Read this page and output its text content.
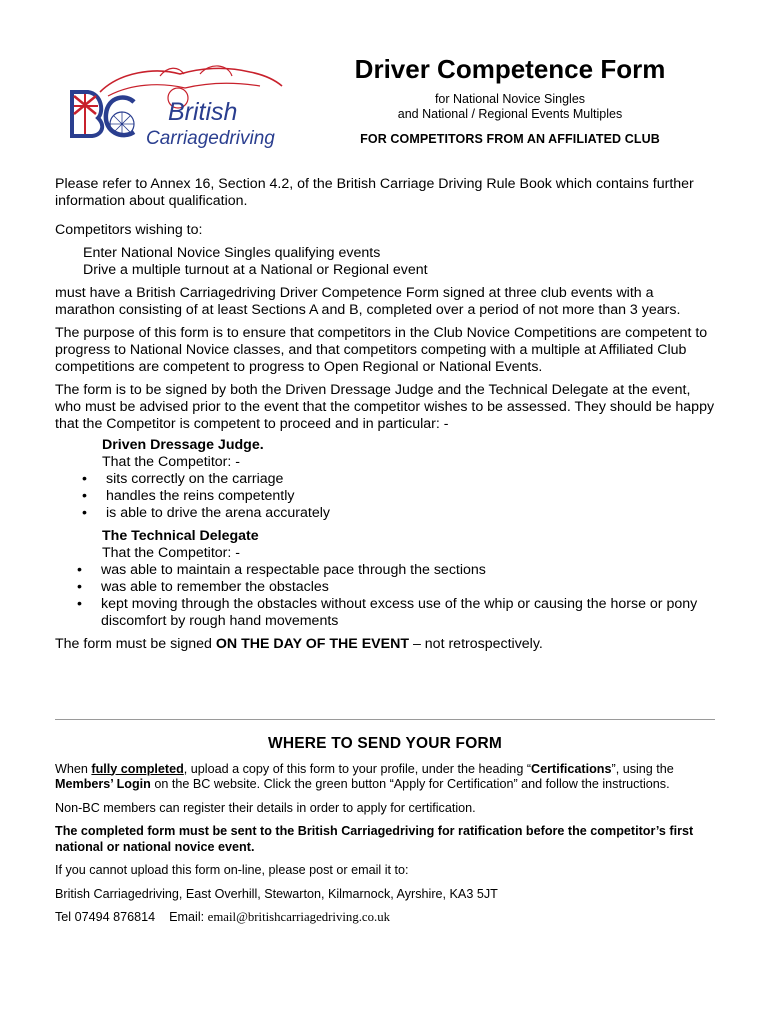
British
Carriagedriving
Driver Competence Form
for National Novice Singles
and National / Regional Events Multiples
FOR COMPETITORS FROM AN AFFILIATED CLUB

Please refer to Annex 16, Section 4.2, of the British Carriage Driving Rule Book which contains further information about qualification.

Competitors wishing to:

Enter National Novice Singles qualifying events
Drive a multiple turnout at a National or Regional event

must have a British Carriagedriving Driver Competence Form signed at three club events with a marathon consisting of at least Sections A and B, completed over a period of not more than 3 years.

The purpose of this form is to ensure that competitors in the Club Novice Competitions are competent to progress to National Novice classes, and that competitors competing with a multiple at Affiliated Club competitions are competent to progress to Open Regional or National Events.

The form is to be signed by both the Driven Dressage Judge and the Technical Delegate at the event, who must be advised prior to the event that the competitor wishes to be assessed. They should be happy that the Competitor is competent to proceed and in particular: -

Driven Dressage Judge.
That the Competitor: -
• sits correctly on the carriage
• handles the reins competently
• is able to drive the arena accurately
The Technical Delegate
That the Competitor: -
• was able to maintain a respectable pace through the sections
• was able to remember the obstacles
• kept moving through the obstacles without excess use of the whip or causing the horse or pony discomfort by rough hand movements

The form must be signed ON THE DAY OF THE EVENT – not retrospectively.

WHERE TO SEND YOUR FORM

When fully completed, upload a copy of this form to your profile, under the heading “Certifications”, using the Members’ Login on the BC website. Click the green button “Apply for Certification” and follow the instructions.

Non-BC members can register their details in order to apply for certification.

The completed form must be sent to the British Carriagedriving for ratification before the competitor’s first national or national novice event.

If you cannot upload this form on-line, please post or email it to:

British Carriagedriving, East Overhill, Stewarton, Kilmarnock, Ayrshire, KA3 5JT

Tel 07494 876814 Email: email@britishcarriagedriving.co.uk
